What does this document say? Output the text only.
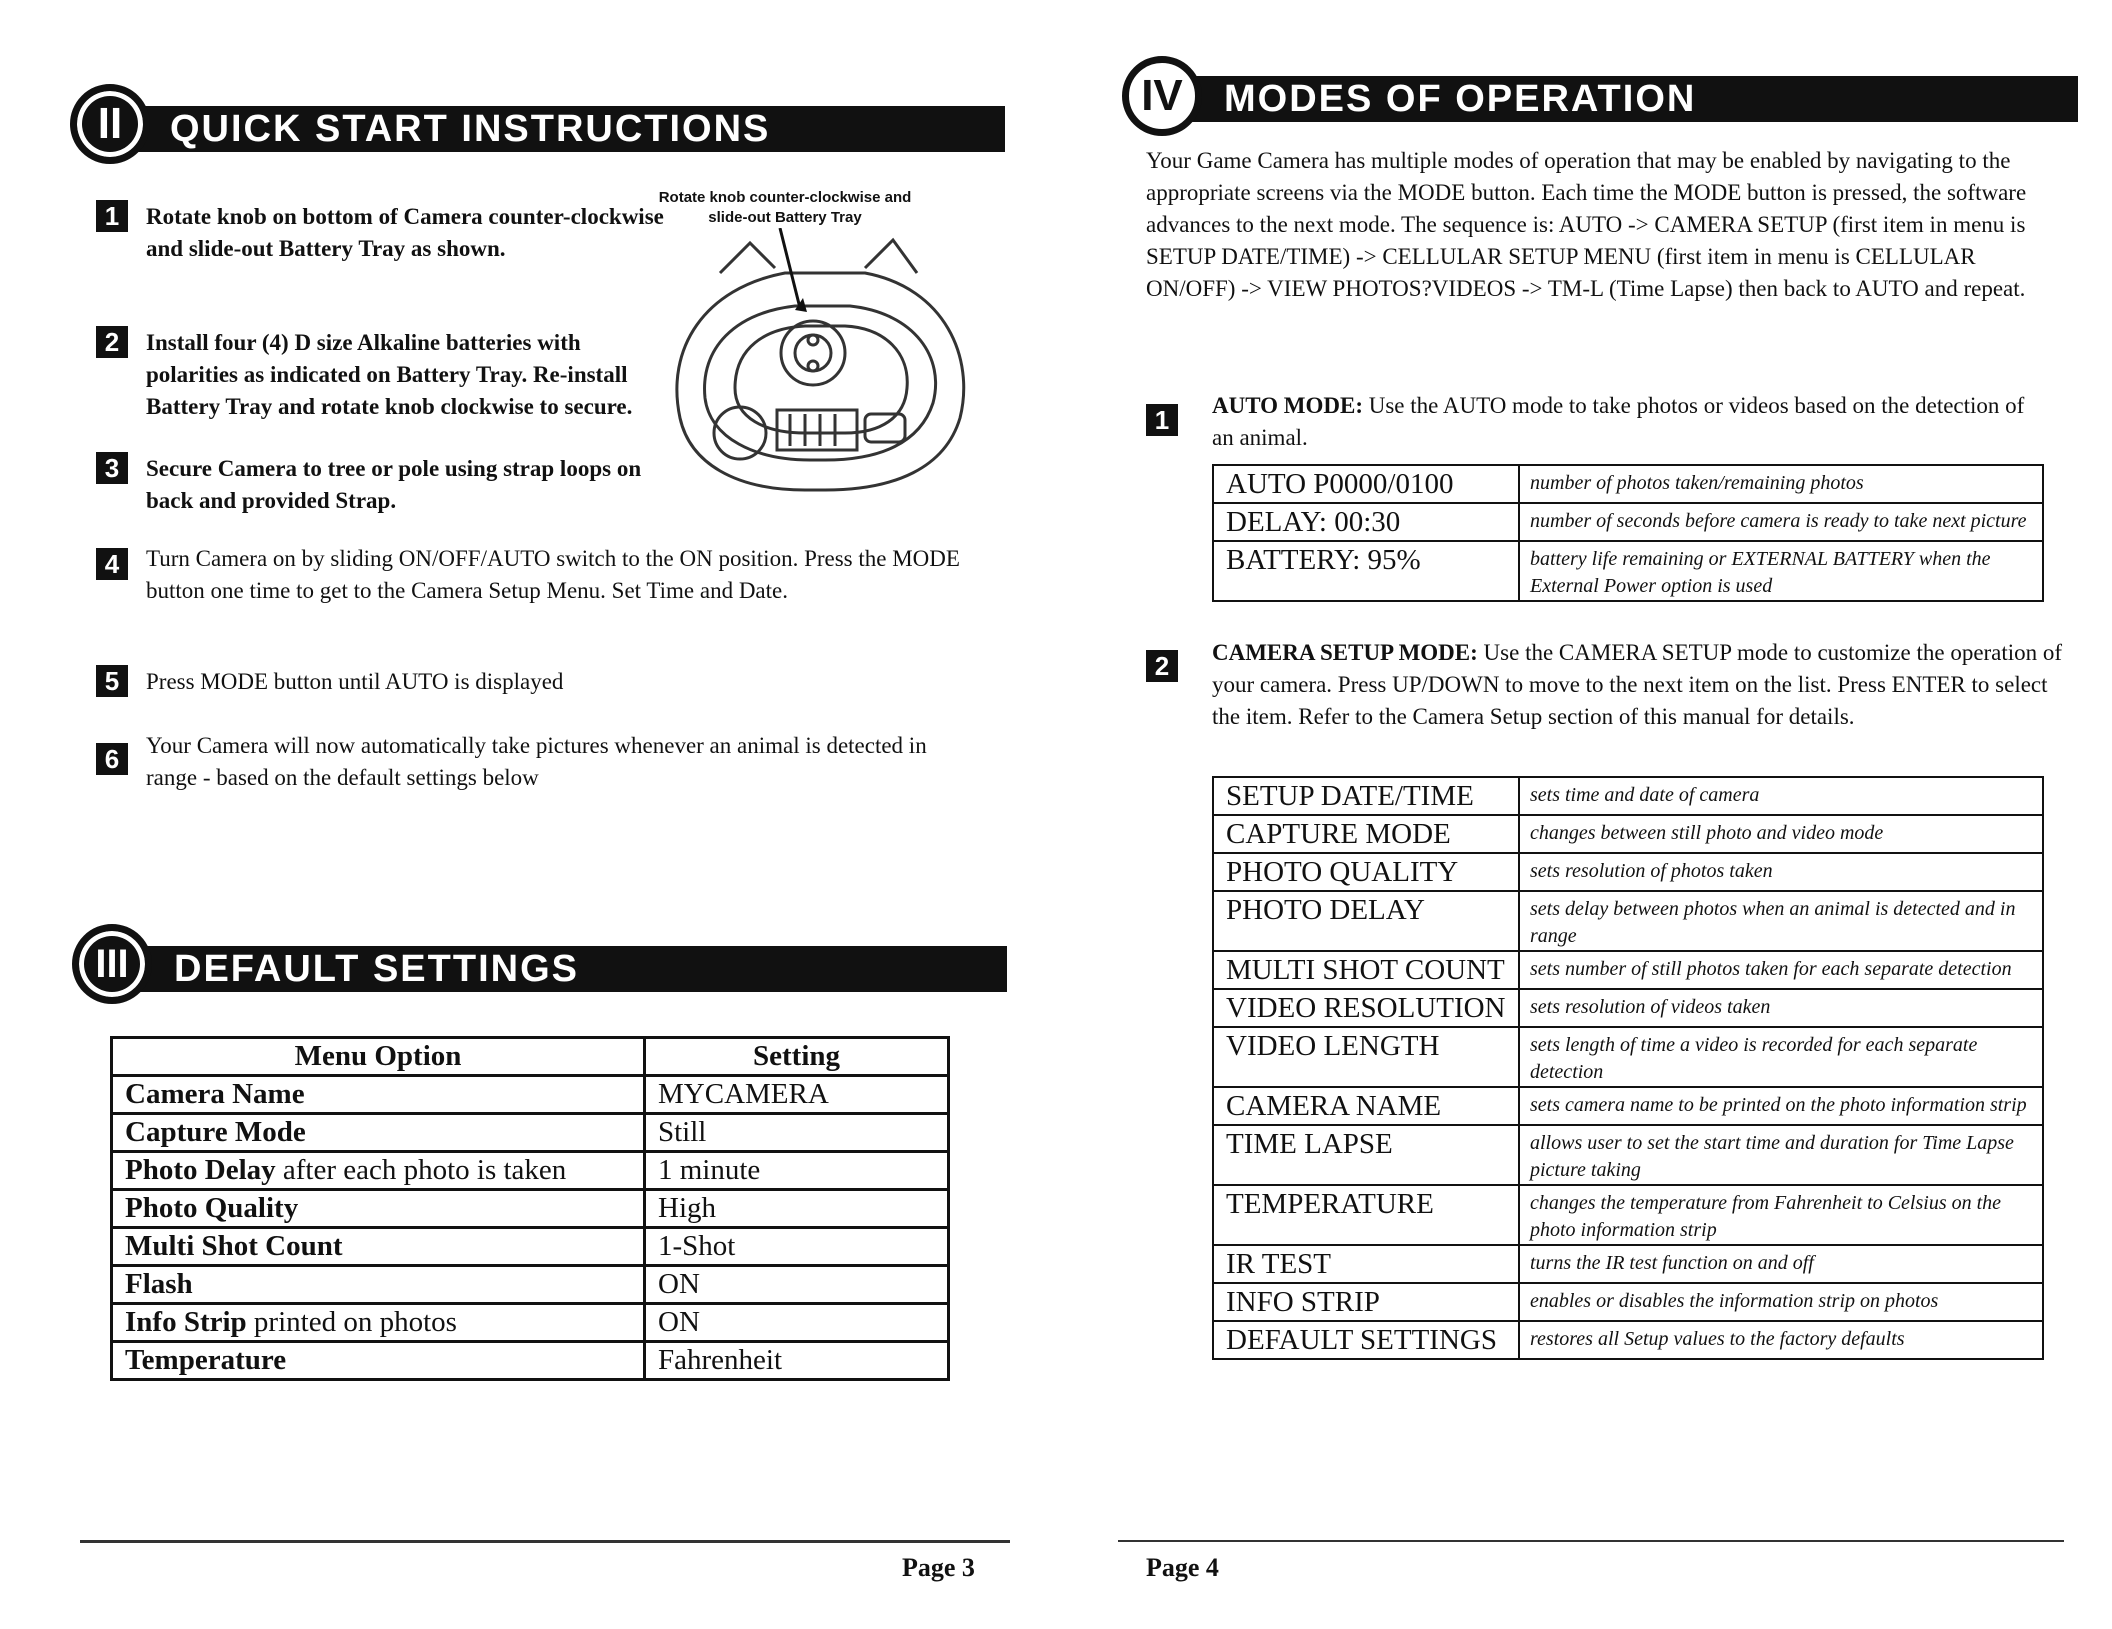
QUICK START INSTRUCTIONS
II
1 Rotate knob on bottom of Camera counter-clockwise and slide-out Battery Tray as shown.
2 Install four (4) D size Alkaline batteries with polarities as indicated on Battery Tray. Re-install Battery Tray and rotate knob clockwise to secure.
3 Secure Camera to tree or pole using strap loops on back and provided Strap.
4 Turn Camera on by sliding ON/OFF/AUTO switch to the ON position. Press the MODE button one time to get to the Camera Setup Menu. Set Time and Date.
5 Press MODE button until AUTO is displayed
6 Your Camera will now automatically take pictures whenever an animal is detected in range - based on the default settings below
Rotate knob counter-clockwise and slide-out Battery Tray
DEFAULT SETTINGS
III
Menu Option	Setting
Camera Name	MYCAMERA
Capture Mode	Still
Photo Delay after each photo is taken	1 minute
Photo Quality	High
Multi Shot Count	1-Shot
Flash	ON
Info Strip printed on photos	ON
Temperature	Fahrenheit
Page 3
MODES OF OPERATION
IV
Your Game Camera has multiple modes of operation that may be enabled by navigating to the appropriate screens via the MODE button. Each time the MODE button is pressed, the software advances to the next mode. The sequence is: AUTO -> CAMERA SETUP (first item in menu is SETUP DATE/TIME) -> CELLULAR SETUP MENU (first item in menu is CELLULAR ON/OFF) -> VIEW PHOTOS?VIDEOS -> TM-L (Time Lapse) then back to AUTO and repeat.
1 AUTO MODE: Use the AUTO mode to take photos or videos based on the detection of an animal.
AUTO P0000/0100	number of photos taken/remaining photos
DELAY: 00:30	number of seconds before camera is ready to take next picture
BATTERY: 95%	battery life remaining or EXTERNAL BATTERY when the External Power option is used
2 CAMERA SETUP MODE: Use the CAMERA SETUP mode to customize the operation of your camera. Press UP/DOWN to move to the next item on the list. Press ENTER to select the item. Refer to the Camera Setup section of this manual for details.
SETUP DATE/TIME	sets time and date of camera
CAPTURE MODE	changes between still photo and video mode
PHOTO QUALITY	sets resolution of photos taken
PHOTO DELAY	sets delay between photos when an animal is detected and in range
MULTI SHOT COUNT	sets number of still photos taken for each separate detection
VIDEO RESOLUTION	sets resolution of videos taken
VIDEO LENGTH	sets length of time a video is recorded for each separate detection
CAMERA NAME	sets camera name to be printed on the photo information strip
TIME LAPSE	allows user to set the start time and duration for Time Lapse picture taking
TEMPERATURE	changes the temperature from Fahrenheit to Celsius on the photo information strip
IR TEST	turns the IR test function on and off
INFO STRIP	enables or disables the information strip on photos
DEFAULT SETTINGS	restores all Setup values to the factory defaults
Page 4
